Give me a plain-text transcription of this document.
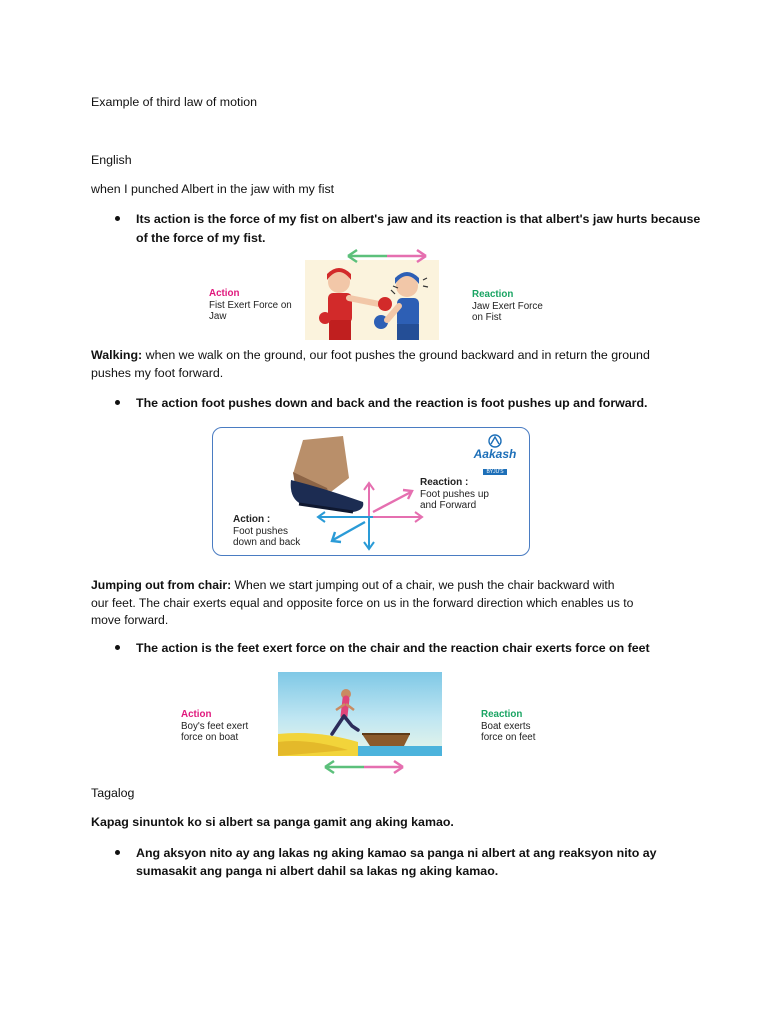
Example of third law of motion
English
when I punched Albert in the jaw with my fist
Its action is the force of my fist on albert's jaw and its reaction is that albert's jaw hurts because
of the force of my fist.
Action
Fist Exert Force on
Jaw
Reaction
Jaw Exert Force
on Fist
Walking: when we walk on the ground, our foot pushes the ground backward and in return the ground
pushes my foot forward.
The action foot pushes down and back and the reaction is foot pushes up and forward.
Aakash
BYJU'S
Reaction :
Foot pushes up
and Forward
Action :
Foot pushes
down and back
Jumping out from chair: When we start jumping out of a chair, we push the chair backward with
our feet. The chair exerts equal and opposite force on us in the forward direction which enables us to
move forward.
The action is the feet exert force on the chair and the reaction chair exerts force on feet
Action
Boy's feet exert
force on boat
Reaction
Boat exerts
force on feet
Tagalog
Kapag sinuntok ko si albert sa panga gamit ang aking kamao.
Ang aksyon nito ay ang lakas ng aking kamao sa panga ni albert at ang reaksyon nito ay
sumasakit ang panga ni albert dahil sa lakas ng aking kamao.
